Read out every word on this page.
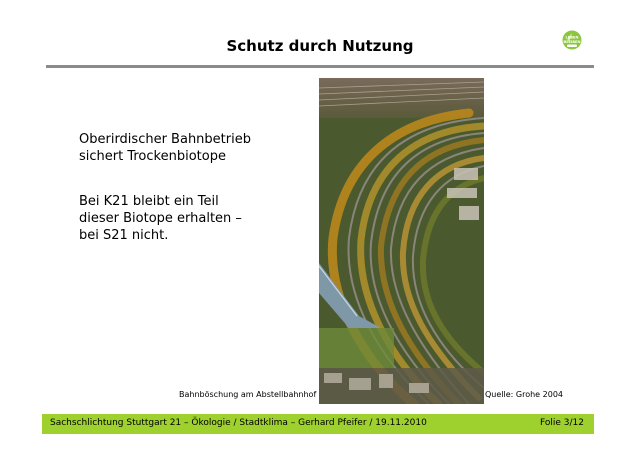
Schutz durch Nutzung	LEBEN
BLEIBEN
Oberirdischer Bahnbetrieb
sichert Trockenbiotope
Bei K21 bleibt ein Teil
dieser Biotope erhalten –
bei S21 nicht.
Bahnböschung am Abstellbahnhof	Quelle: Grohe 2004
Sachschlichtung Stuttgart 21 – Ökologie / Stadtklima – Gerhard Pfeifer / 19.11.2010	Folie 3/12
